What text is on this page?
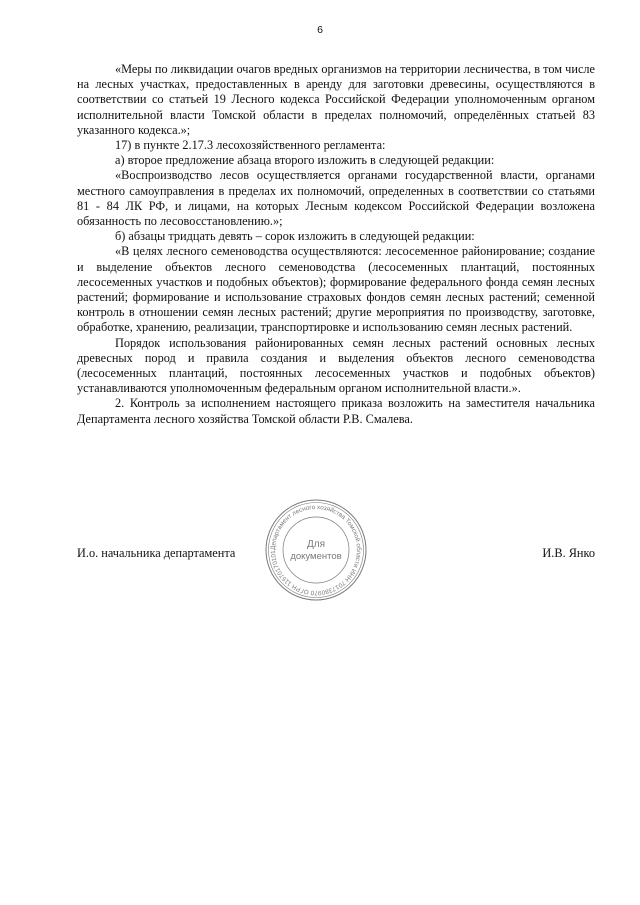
6

«Меры по ликвидации очагов вредных организмов на территории лесничества, в том числе на лесных участках, предоставленных в аренду для заготовки древесины, осуществляются в соответствии со статьей 19 Лесного кодекса Российской Федерации уполномоченным органом исполнительной власти Томской области в пределах полномочий, определённых статьей 83 указанного кодекса.»;

17) в пункте 2.17.3 лесохозяйственного регламента:

а) второе предложение абзаца второго изложить в следующей редакции:

«Воспроизводство лесов осуществляется органами государственной власти, органами местного самоуправления в пределах их полномочий, определенных в соответствии со статьями 81 - 84 ЛК РФ, и лицами, на которых Лесным кодексом Российской Федерации возложена обязанность по лесовосстановлению.»;

б) абзацы тридцать девять – сорок изложить в следующей редакции:

«В целях лесного семеноводства осуществляются: лесосеменное районирование; создание и выделение объектов лесного семеноводства (лесосеменных плантаций, постоянных лесосеменных участков и подобных объектов); формирование федерального фонда семян лесных растений; формирование и использование страховых фондов семян лесных растений; семенной контроль в отношении семян лесных растений; другие мероприятия по производству, заготовке, обработке, хранению, реализации, транспортировке и использованию семян лесных растений.

Порядок использования районированных семян лесных растений основных лесных древесных пород и правила создания и выделения объектов лесного семеноводства (лесосеменных плантаций, постоянных лесосеменных участков и подобных объектов) устанавливаются уполномоченным федеральным органом исполнительной власти.».

2. Контроль за исполнением настоящего приказа возложить на заместителя начальника Департамента лесного хозяйства Томской области Р.В. Смалева.

И.о. начальника департамента	И.В. Янко
Департамент лесного хозяйства Томской области ИНН 7017380970 ОГРН 11570170101
Для
документов
